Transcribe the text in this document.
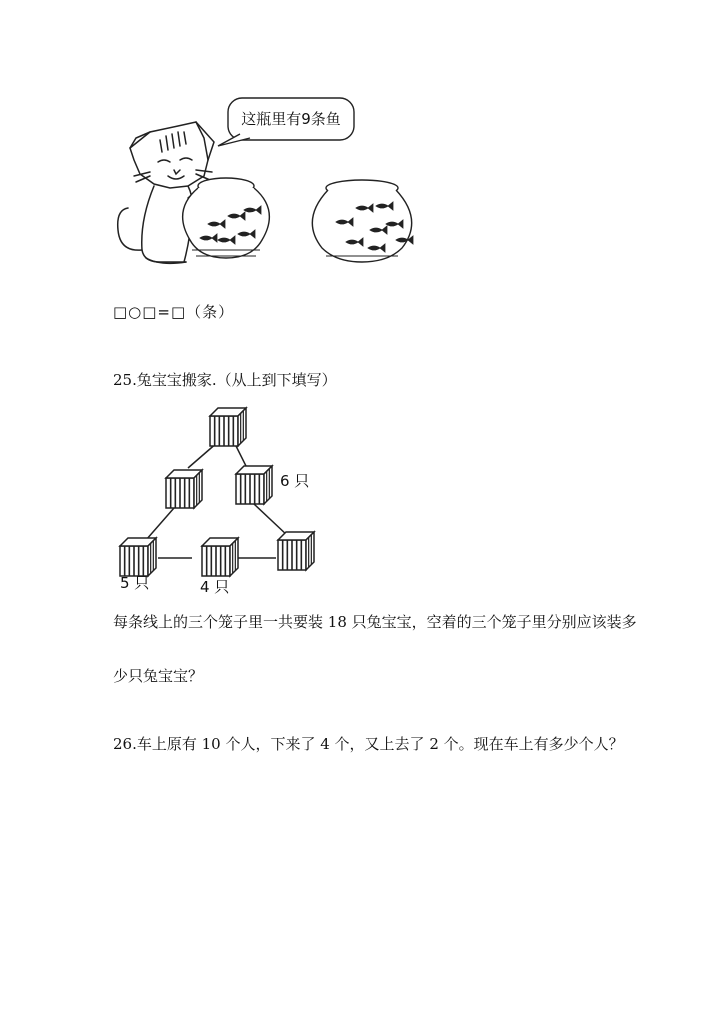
这瓶里有9条鱼
□○□=□（条）
25.兔宝宝搬家.（从上到下填写）
6 只
5 只	4 只
每条线上的三个笼子里一共要装 18 只兔宝宝，空着的三个笼子里分别应该装多
少只兔宝宝？
26.车上原有 10 个人，下来了 4 个，又上去了 2 个。现在车上有多少个人？
